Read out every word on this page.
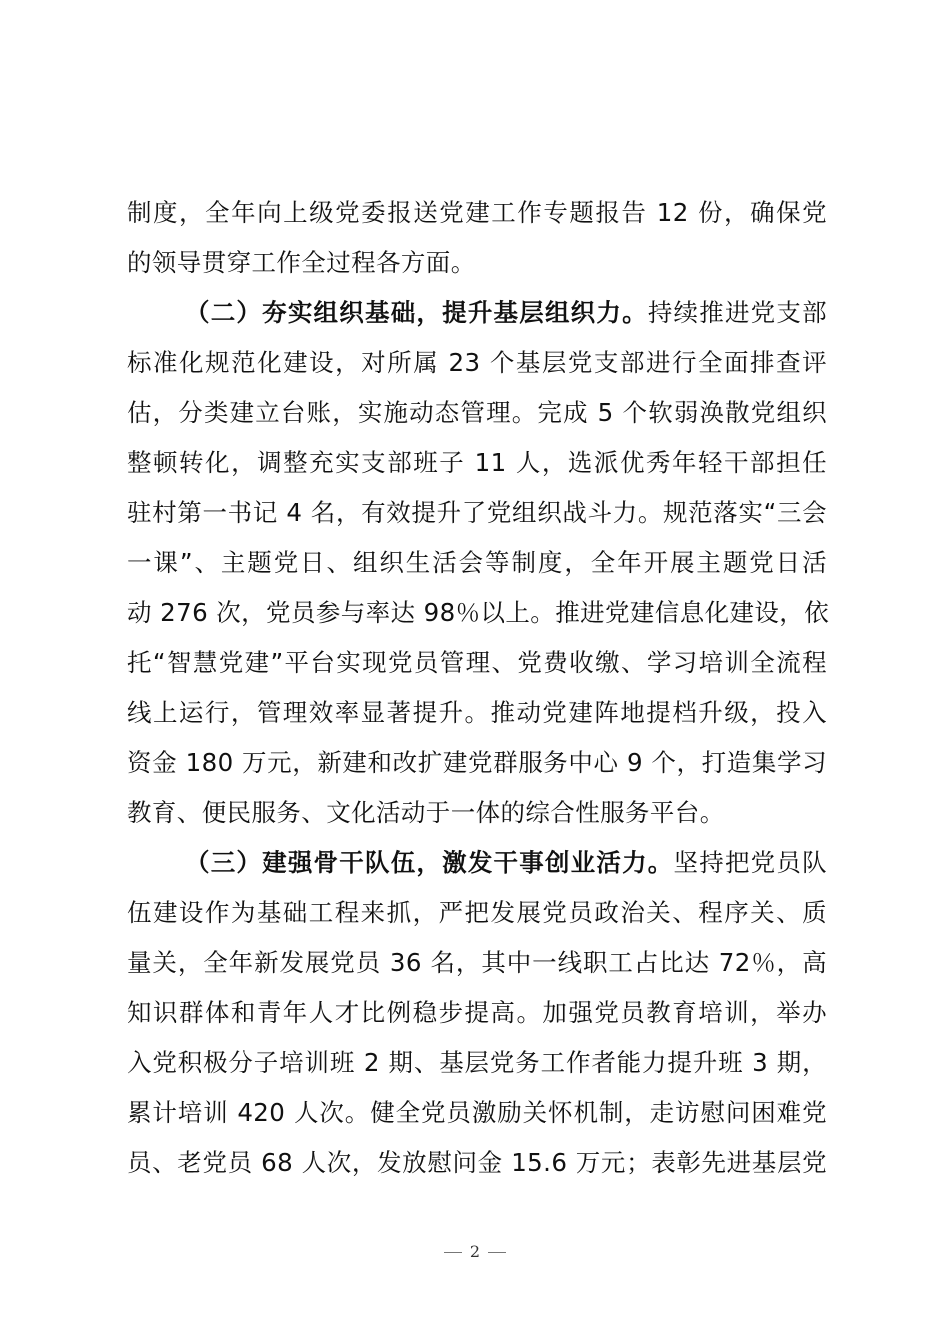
制度，全年向上级党委报送党建工作专题报告 12 份，确保党
的领导贯穿工作全过程各方面。
（二）夯实组织基础，提升基层组织力。持续推进党支部
标准化规范化建设，对所属 23 个基层党支部进行全面排查评
估，分类建立台账，实施动态管理。完成 5 个软弱涣散党组织
整顿转化，调整充实支部班子 11 人，选派优秀年轻干部担任
驻村第一书记 4 名，有效提升了党组织战斗力。规范落实“三会
一课”、主题党日、组织生活会等制度，全年开展主题党日活
动 276 次，党员参与率达 98％以上。推进党建信息化建设，依
托“智慧党建”平台实现党员管理、党费收缴、学习培训全流程
线上运行，管理效率显著提升。推动党建阵地提档升级，投入
资金 180 万元，新建和改扩建党群服务中心 9 个，打造集学习
教育、便民服务、文化活动于一体的综合性服务平台。
（三）建强骨干队伍，激发干事创业活力。坚持把党员队
伍建设作为基础工程来抓，严把发展党员政治关、程序关、质
量关，全年新发展党员 36 名，其中一线职工占比达 72％，高
知识群体和青年人才比例稳步提高。加强党员教育培训，举办
入党积极分子培训班 2 期、基层党务工作者能力提升班 3 期，
累计培训 420 人次。健全党员激励关怀机制，走访慰问困难党
员、老党员 68 人次，发放慰问金 15.6 万元；表彰先进基层党
2
